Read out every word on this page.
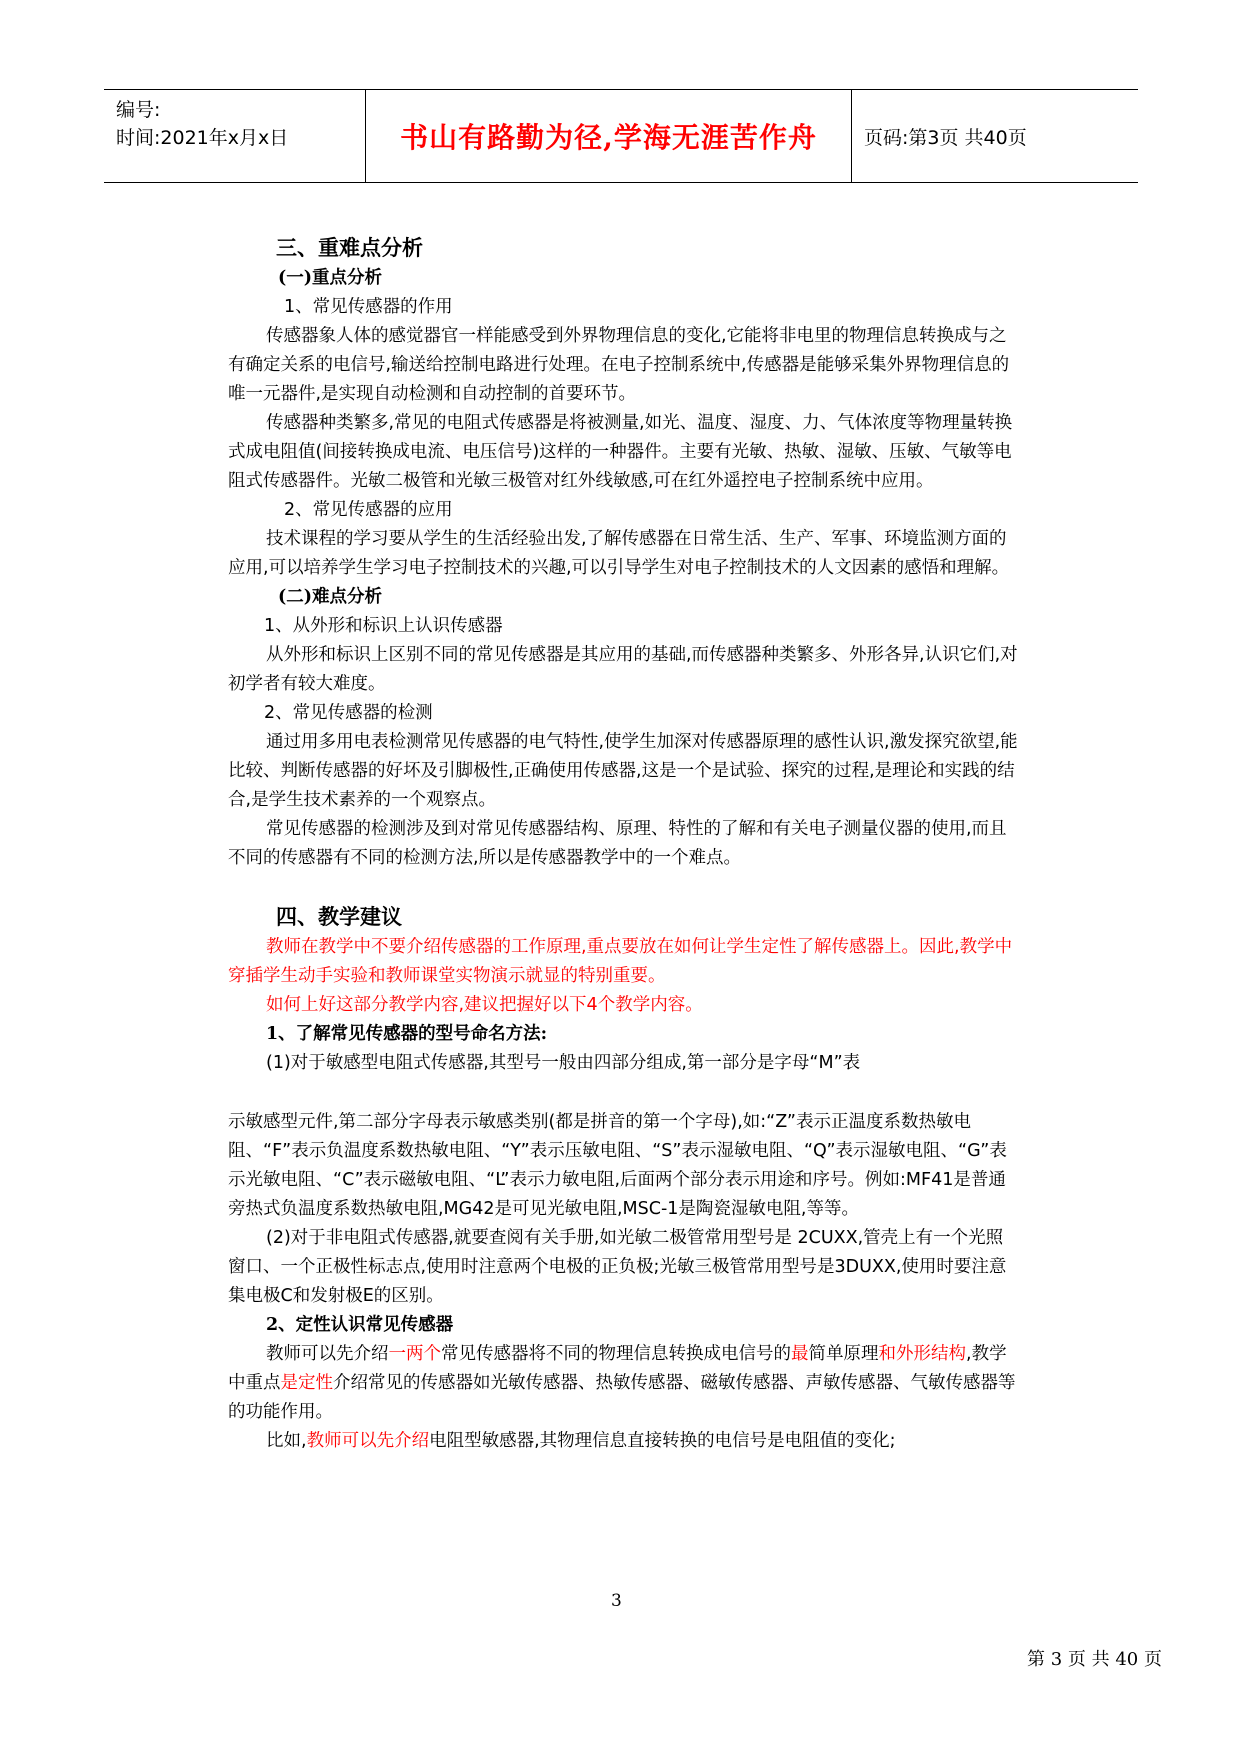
编号:
时间:2021年x月x日	书山有路勤为径,学海无涯苦作舟	页码:第3页 共40页

三、重难点分析

(一)重点分析

1、常见传感器的作用

传感器象人体的感觉器官一样能感受到外界物理信息的变化,它能将非电里的物理信息转换成与之有确定关系的电信号,输送给控制电路进行处理。在电子控制系统中,传感器是能够采集外界物理信息的唯一元器件,是实现自动检测和自动控制的首要环节。

传感器种类繁多,常见的电阻式传感器是将被测量,如光、温度、湿度、力、气体浓度等物理量转换式成电阻值(间接转换成电流、电压信号)这样的一种器件。主要有光敏、热敏、湿敏、压敏、气敏等电阻式传感器件。光敏二极管和光敏三极管对红外线敏感,可在红外遥控电子控制系统中应用。

2、常见传感器的应用

技术课程的学习要从学生的生活经验出发,了解传感器在日常生活、生产、军事、环境监测方面的应用,可以培养学生学习电子控制技术的兴趣,可以引导学生对电子控制技术的人文因素的感悟和理解。

(二)难点分析

1、从外形和标识上认识传感器

从外形和标识上区别不同的常见传感器是其应用的基础,而传感器种类繁多、外形各异,认识它们,对初学者有较大难度。

2、常见传感器的检测

通过用多用电表检测常见传感器的电气特性,使学生加深对传感器原理的感性认识,激发探究欲望,能比较、判断传感器的好坏及引脚极性,正确使用传感器,这是一个是试验、探究的过程,是理论和实践的结合,是学生技术素养的一个观察点。

常见传感器的检测涉及到对常见传感器结构、原理、特性的了解和有关电子测量仪器的使用,而且不同的传感器有不同的检测方法,所以是传感器教学中的一个难点。

四、教学建议

教师在教学中不要介绍传感器的工作原理,重点要放在如何让学生定性了解传感器上。因此,教学中穿插学生动手实验和教师课堂实物演示就显的特别重要。

如何上好这部分教学内容,建议把握好以下4个教学内容。

1、了解常见传感器的型号命名方法:

(1)对于敏感型电阻式传感器,其型号一般由四部分组成,第一部分是字母“M”表

示敏感型元件,第二部分字母表示敏感类别(都是拼音的第一个字母),如:“Z”表示正温度系数热敏电阻、“F”表示负温度系数热敏电阻、“Y”表示压敏电阻、“S”表示湿敏电阻、“Q”表示湿敏电阻、“G”表示光敏电阻、“C”表示磁敏电阻、“L”表示力敏电阻,后面两个部分表示用途和序号。例如:MF41是普通旁热式负温度系数热敏电阻,MG42是可见光敏电阻,MSC-1是陶瓷湿敏电阻,等等。

(2)对于非电阻式传感器,就要查阅有关手册,如光敏二极管常用型号是 2CUXX,管壳上有一个光照窗口、一个正极性标志点,使用时注意两个电极的正负极;光敏三极管常用型号是3DUXX,使用时要注意集电极C和发射极E的区别。

2、定性认识常见传感器

教师可以先介绍一两个常见传感器将不同的物理信息转换成电信号的最简单原理和外形结构,教学中重点是定性介绍常见的传感器如光敏传感器、热敏传感器、磁敏传感器、声敏传感器、气敏传感器等的功能作用。

比如,教师可以先介绍电阻型敏感器,其物理信息直接转换的电信号是电阻值的变化;

3
第 3 页 共 40 页
